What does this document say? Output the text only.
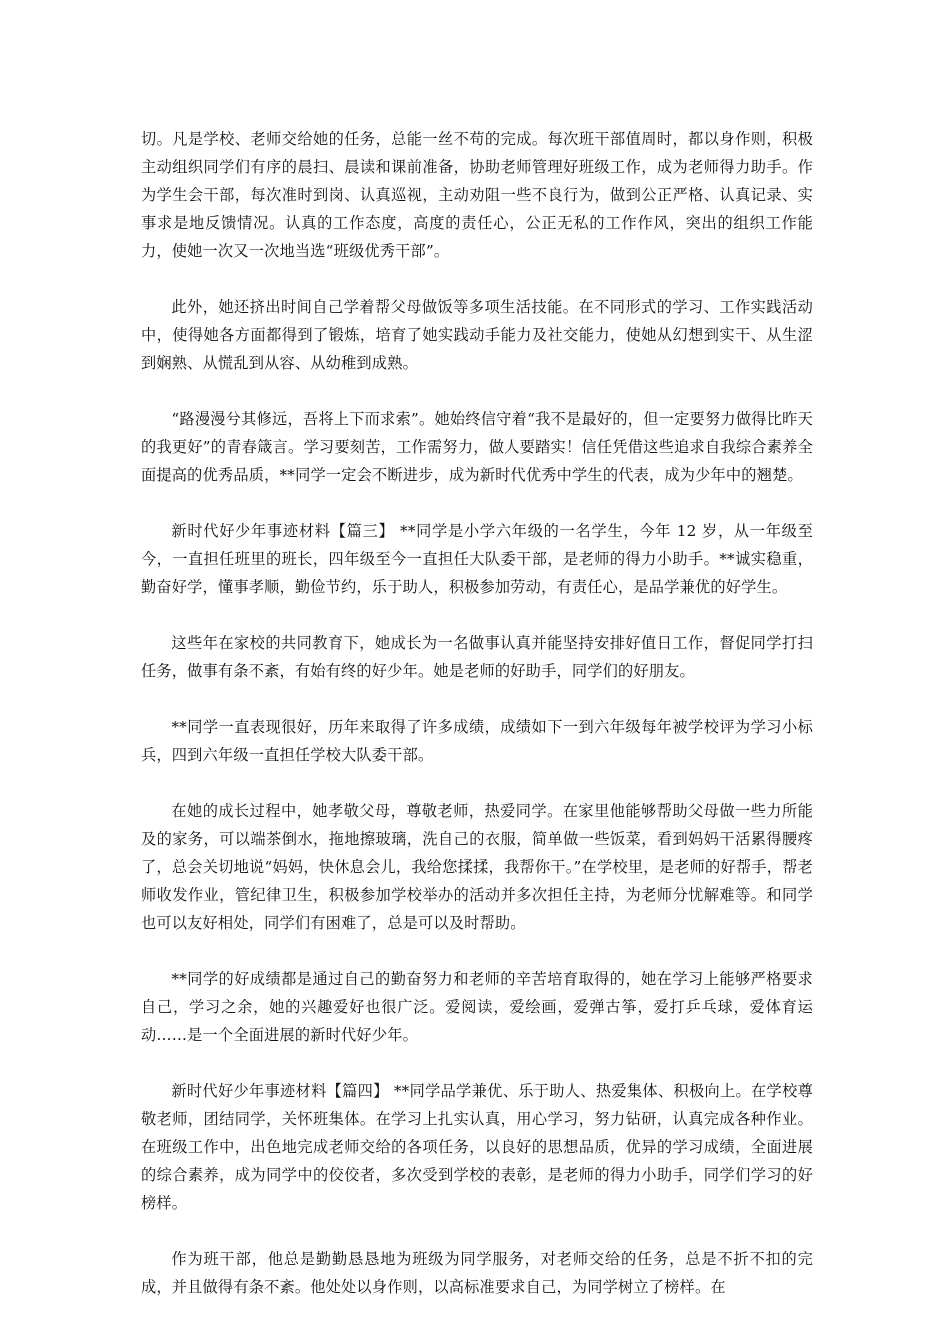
切。凡是学校、老师交给她的任务，总能一丝不苟的完成。每次班干部值周时，都以身作则，积极主动组织同学们有序的晨扫、晨读和课前准备，协助老师管理好班级工作，成为老师得力助手。作为学生会干部，每次准时到岗、认真巡视，主动劝阻一些不良行为，做到公正严格、认真记录、实事求是地反馈情况。认真的工作态度，高度的责任心，公正无私的工作作风，突出的组织工作能力，使她一次又一次地当选“班级优秀干部”。

此外，她还挤出时间自己学着帮父母做饭等多项生活技能。在不同形式的学习、工作实践活动中，使得她各方面都得到了锻炼，培育了她实践动手能力及社交能力，使她从幻想到实干、从生涩到娴熟、从慌乱到从容、从幼稚到成熟。

“路漫漫兮其修远，吾将上下而求索”。她始终信守着“我不是最好的，但一定要努力做得比昨天的我更好”的青春箴言。学习要刻苦，工作需努力，做人要踏实！信任凭借这些追求自我综合素养全面提高的优秀品质，**同学一定会不断进步，成为新时代优秀中学生的代表，成为少年中的翘楚。

新时代好少年事迹材料【篇三】 **同学是小学六年级的一名学生，今年 12 岁，从一年级至今，一直担任班里的班长，四年级至今一直担任大队委干部，是老师的得力小助手。**诚实稳重，勤奋好学，懂事孝顺，勤俭节约，乐于助人，积极参加劳动，有责任心，是品学兼优的好学生。

这些年在家校的共同教育下，她成长为一名做事认真并能坚持安排好值日工作，督促同学打扫任务，做事有条不紊，有始有终的好少年。她是老师的好助手，同学们的好朋友。

**同学一直表现很好，历年来取得了许多成绩，成绩如下一到六年级每年被学校评为学习小标兵，四到六年级一直担任学校大队委干部。

在她的成长过程中，她孝敬父母，尊敬老师，热爱同学。在家里他能够帮助父母做一些力所能及的家务，可以端茶倒水，拖地擦玻璃，洗自己的衣服，简单做一些饭菜，看到妈妈干活累得腰疼了，总会关切地说“妈妈，快休息会儿，我给您揉揉，我帮你干。”在学校里，是老师的好帮手，帮老师收发作业，管纪律卫生，积极参加学校举办的活动并多次担任主持，为老师分忧解难等。和同学也可以友好相处，同学们有困难了，总是可以及时帮助。

**同学的好成绩都是通过自己的勤奋努力和老师的辛苦培育取得的，她在学习上能够严格要求自己，学习之余，她的兴趣爱好也很广泛。爱阅读，爱绘画，爱弹古筝，爱打乒乓球，爱体育运动……是一个全面进展的新时代好少年。

新时代好少年事迹材料【篇四】 **同学品学兼优、乐于助人、热爱集体、积极向上。在学校尊敬老师，团结同学，关怀班集体。在学习上扎实认真，用心学习，努力钻研，认真完成各种作业。在班级工作中，出色地完成老师交给的各项任务，以良好的思想品质，优异的学习成绩，全面进展的综合素养，成为同学中的佼佼者，多次受到学校的表彰，是老师的得力小助手，同学们学习的好榜样。

作为班干部，他总是勤勤恳恳地为班级为同学服务，对老师交给的任务，总是不折不扣的完成，并且做得有条不紊。他处处以身作则，以高标准要求自己，为同学树立了榜样。在
